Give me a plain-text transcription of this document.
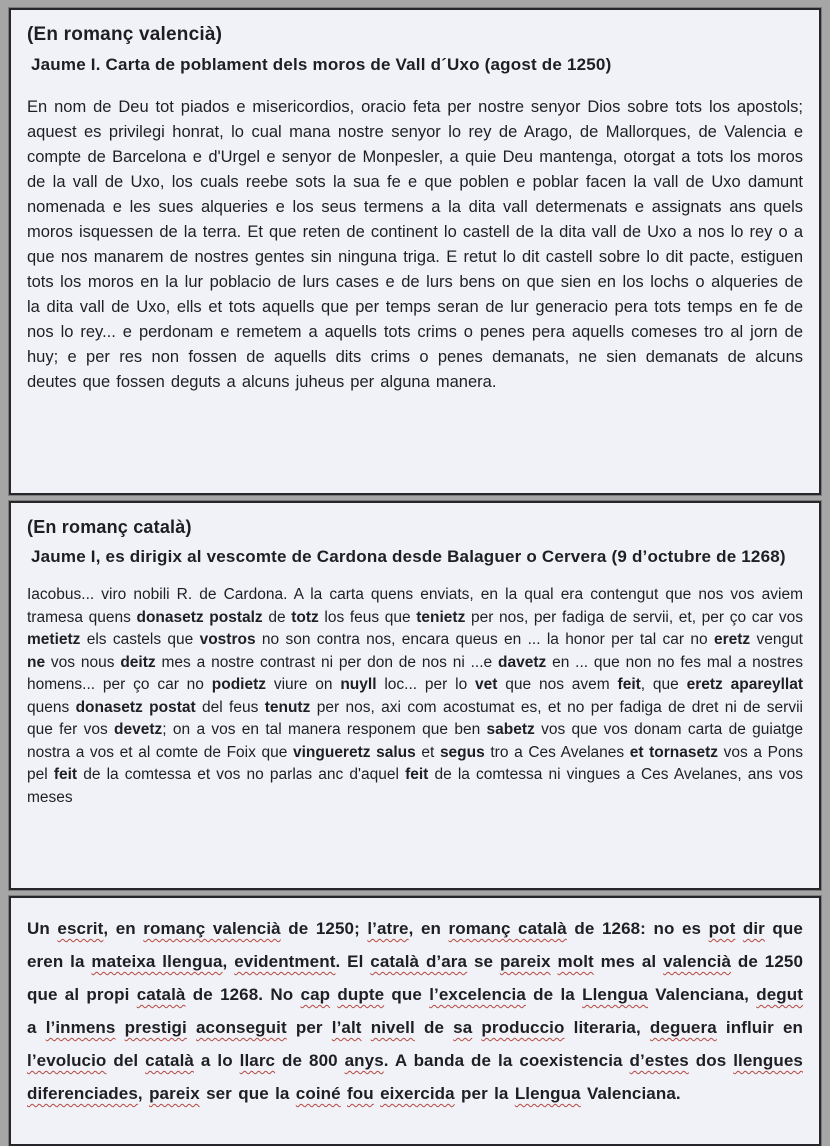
(En romanç valencià)
Jaume I. Carta de poblament dels moros de Vall d´Uxo (agost de 1250)

En nom de Deu tot piados e misericordios, oracio feta per nostre senyor Dios sobre tots los apostols; aquest es privilegi honrat, lo cual mana nostre senyor lo rey de Arago, de Mallorques, de Valencia e compte de Barcelona e d'Urgel e senyor de Monpesler, a quie Deu mantenga, otorgat a tots los moros de la vall de Uxo, los cuals reebe sots la sua fe e que poblen e poblar facen la vall de Uxo damunt nomenada e les sues alqueries e los seus termens a la dita vall determenats e assignats ans quels moros isquessen de la terra. Et que reten de continent lo castell de la dita vall de Uxo a nos lo rey o a que nos manarem de nostres gentes sin ninguna triga. E retut lo dit castell sobre lo dit pacte, estiguen tots los moros en la lur poblacio de lurs cases e de lurs bens on que sien en los lochs o alqueries de la dita vall de Uxo, ells et tots aquells que per temps seran de lur generacio pera tots temps en fe de nos lo rey... e perdonam e remetem a aquells tots crims o penes pera aquells comeses tro al jorn de huy; e per res non fossen de aquells dits crims o penes demanats, ne sien demanats de alcuns deutes que fossen deguts a alcuns juheus per alguna manera.

(En romanç català)
Jaume I, es dirigix al vescomte de Cardona desde Balaguer o Cervera (9 d’octubre de 1268)

Iacobus... viro nobili R. de Cardona. A la carta quens enviats, en la qual era contengut que nos vos aviem tramesa quens donasetz postalz de totz los feus que tenietz per nos, per fadiga de servii, et, per ço car vos metietz els castels que vostros no son contra nos, encara queus en ... la honor per tal car no eretz vengut ne vos nous deitz mes a nostre contrast ni per don de nos ni ...e davetz en ... que non no fes mal a nostres homens... per ço car no podietz viure on nuyll loc... per lo vet que nos avem feit, que eretz apareyllat quens donasetz postat del feus tenutz per nos, axi com acostumat es, et no per fadiga de dret ni de servii que fer vos devetz; on a vos en tal manera responem que ben sabetz vos que vos donam carta de guiatge nostra a vos et al comte de Foix que vingueretz salus et segus tro a Ces Avelanes et tornasetz vos a Pons pel feit de la comtessa et vos no parlas anc d'aquel feit de la comtessa ni vingues a Ces Avelanes, ans vos meses

Un escrit, en romanç valencià de 1250; l’atre, en romanç català de 1268: no es pot dir que eren la mateixa llengua, evidentment. El català d’ara se pareix molt mes al valencià de 1250 que al propi català de 1268. No cap dupte que l’excelencia de la Llengua Valenciana, degut a l’inmens prestigi aconseguit per l’alt nivell de sa produccio literaria, deguera influir en l’evolucio del català a lo llarc de 800 anys. A banda de la coexistencia d’estes dos llengues diferenciades, pareix ser que la coiné fou eixercida per la Llengua Valenciana.
